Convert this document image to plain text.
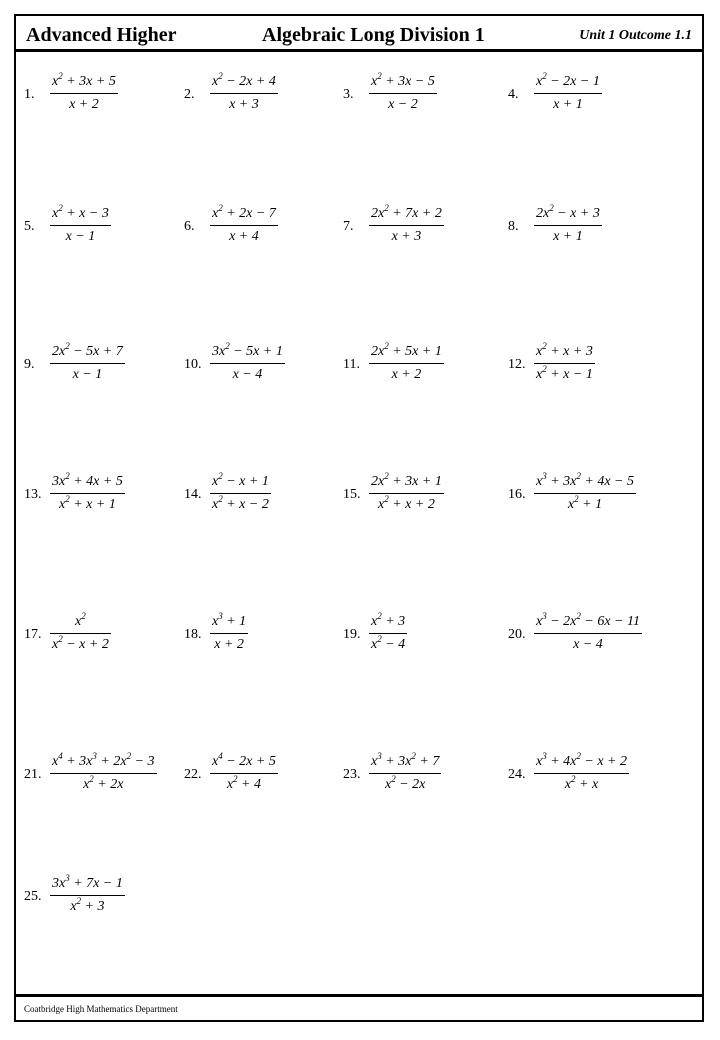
Advanced Higher	Algebraic Long Division 1	Unit 1 Outcome 1.1
1. $\frac{x^2 + 3x + 5}{x + 2}$	2. $\frac{x^2 - 2x + 4}{x + 3}$	3. $\frac{x^2 + 3x - 5}{x - 2}$	4. $\frac{x^2 - 2x - 1}{x + 1}$
5. $\frac{x^2 + x - 3}{x - 1}$	6. $\frac{x^2 + 2x - 7}{x + 4}$	7. $\frac{2x^2 + 7x + 2}{x + 3}$	8. $\frac{2x^2 - x + 3}{x + 1}$
9. $\frac{2x^2 - 5x + 7}{x - 1}$	10. $\frac{3x^2 - 5x + 1}{x - 4}$	11. $\frac{2x^2 + 5x + 1}{x + 2}$	12. $\frac{x^2 + x + 3}{x^2 + x - 1}$
13. $\frac{3x^2 + 4x + 5}{x^2 + x + 1}$	14. $\frac{x^2 - x + 1}{x^2 + x - 2}$	15. $\frac{2x^2 + 3x + 1}{x^2 + x + 2}$	16. $\frac{x^3 + 3x^2 + 4x - 5}{x^2 + 1}$
17. $\frac{x^2}{x^2 - x + 2}$	18. $\frac{x^3 + 1}{x + 2}$	19. $\frac{x^2 + 3}{x^2 - 4}$	20. $\frac{x^3 - 2x^2 - 6x - 11}{x - 4}$
21. $\frac{x^4 + 3x^3 + 2x^2 - 3}{x^2 + 2x} 22$. $\frac{x^4 - 2x + 5}{x^2 + 4}$	23. $\frac{x^3 + 3x^2 + 7}{x^2 - 2x}$	24. $\frac{x^3 + 4x^2 - x + 2}{x^2 + x}$
25. $\frac{3x^3 + 7x - 1}{x^2 + 3}$
Coatbridge High Mathematics Department
